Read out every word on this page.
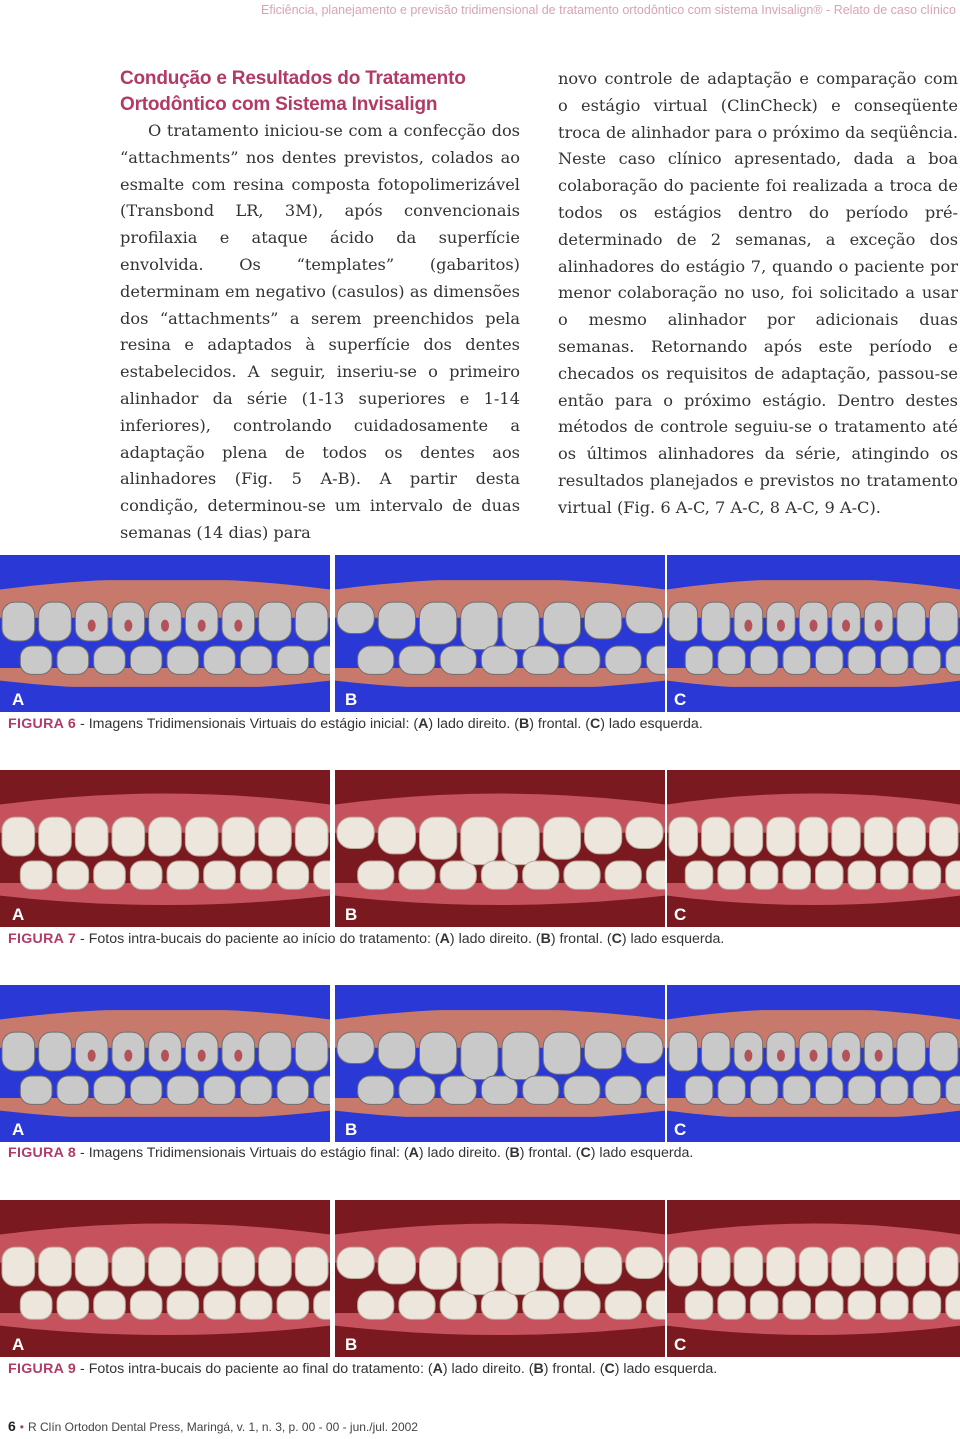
Eficiência, planejamento e previsão tridimensional de tratamento ortodôntico com sistema Invisalign® - Relato de caso clínico
Condução e Resultados do Tratamento Ortodôntico com Sistema Invisalign

O tratamento iniciou-se com a confecção dos “attachments” nos dentes previstos, colados ao esmalte com resina composta fotopolimerizável (Transbond LR, 3M), após convencionais profilaxia e ataque ácido da superfície envolvida. Os “templates” (gabaritos) determinam em negativo (casulos) as dimensões dos “attachments” a serem preenchidos pela resina e adaptados à superfície dos dentes estabelecidos. A seguir, inseriu-se o primeiro alinhador da série (1-13 superiores e 1-14 inferiores), controlando cuidadosamente a adaptação plena de todos os dentes aos alinhadores (Fig. 5 A-B). A partir desta condição, determinou-se um intervalo de duas semanas (14 dias) para

novo controle de adaptação e comparação com o estágio virtual (ClinCheck) e conseqüente troca de alinhador para o próximo da seqüência. Neste caso clínico apresentado, dada a boa colaboração do paciente foi realizada a troca de todos os estágios dentro do período pré-determinado de 2 semanas, a exceção dos alinhadores do estágio 7, quando o paciente por menor colaboração no uso, foi solicitado a usar o mesmo alinhador por adicionais duas semanas. Retornando após este período e checados os requisitos de adaptação, passou-se então para o próximo estágio. Dentro destes métodos de controle seguiu-se o tratamento até os últimos alinhadores da série, atingindo os resultados planejados e previstos no tratamento virtual (Fig. 6 A-C, 7 A-C, 8 A-C, 9 A-C).

A	B	C

FIGURA 6 - Imagens Tridimensionais Virtuais do estágio inicial: (A) lado direito. (B) frontal. (C) lado esquerda.

A	B	C

FIGURA 7 - Fotos intra-bucais do paciente ao início do tratamento: (A) lado direito. (B) frontal. (C) lado esquerda.

A	B	C

FIGURA 8 - Imagens Tridimensionais Virtuais do estágio final: (A) lado direito. (B) frontal. (C) lado esquerda.

A	B	C

FIGURA 9 - Fotos intra-bucais do paciente ao final do tratamento: (A) lado direito. (B) frontal. (C) lado esquerda.

6 • R Clín Ortodon Dental Press, Maringá, v. 1, n. 3, p. 00 - 00 - jun./jul. 2002
